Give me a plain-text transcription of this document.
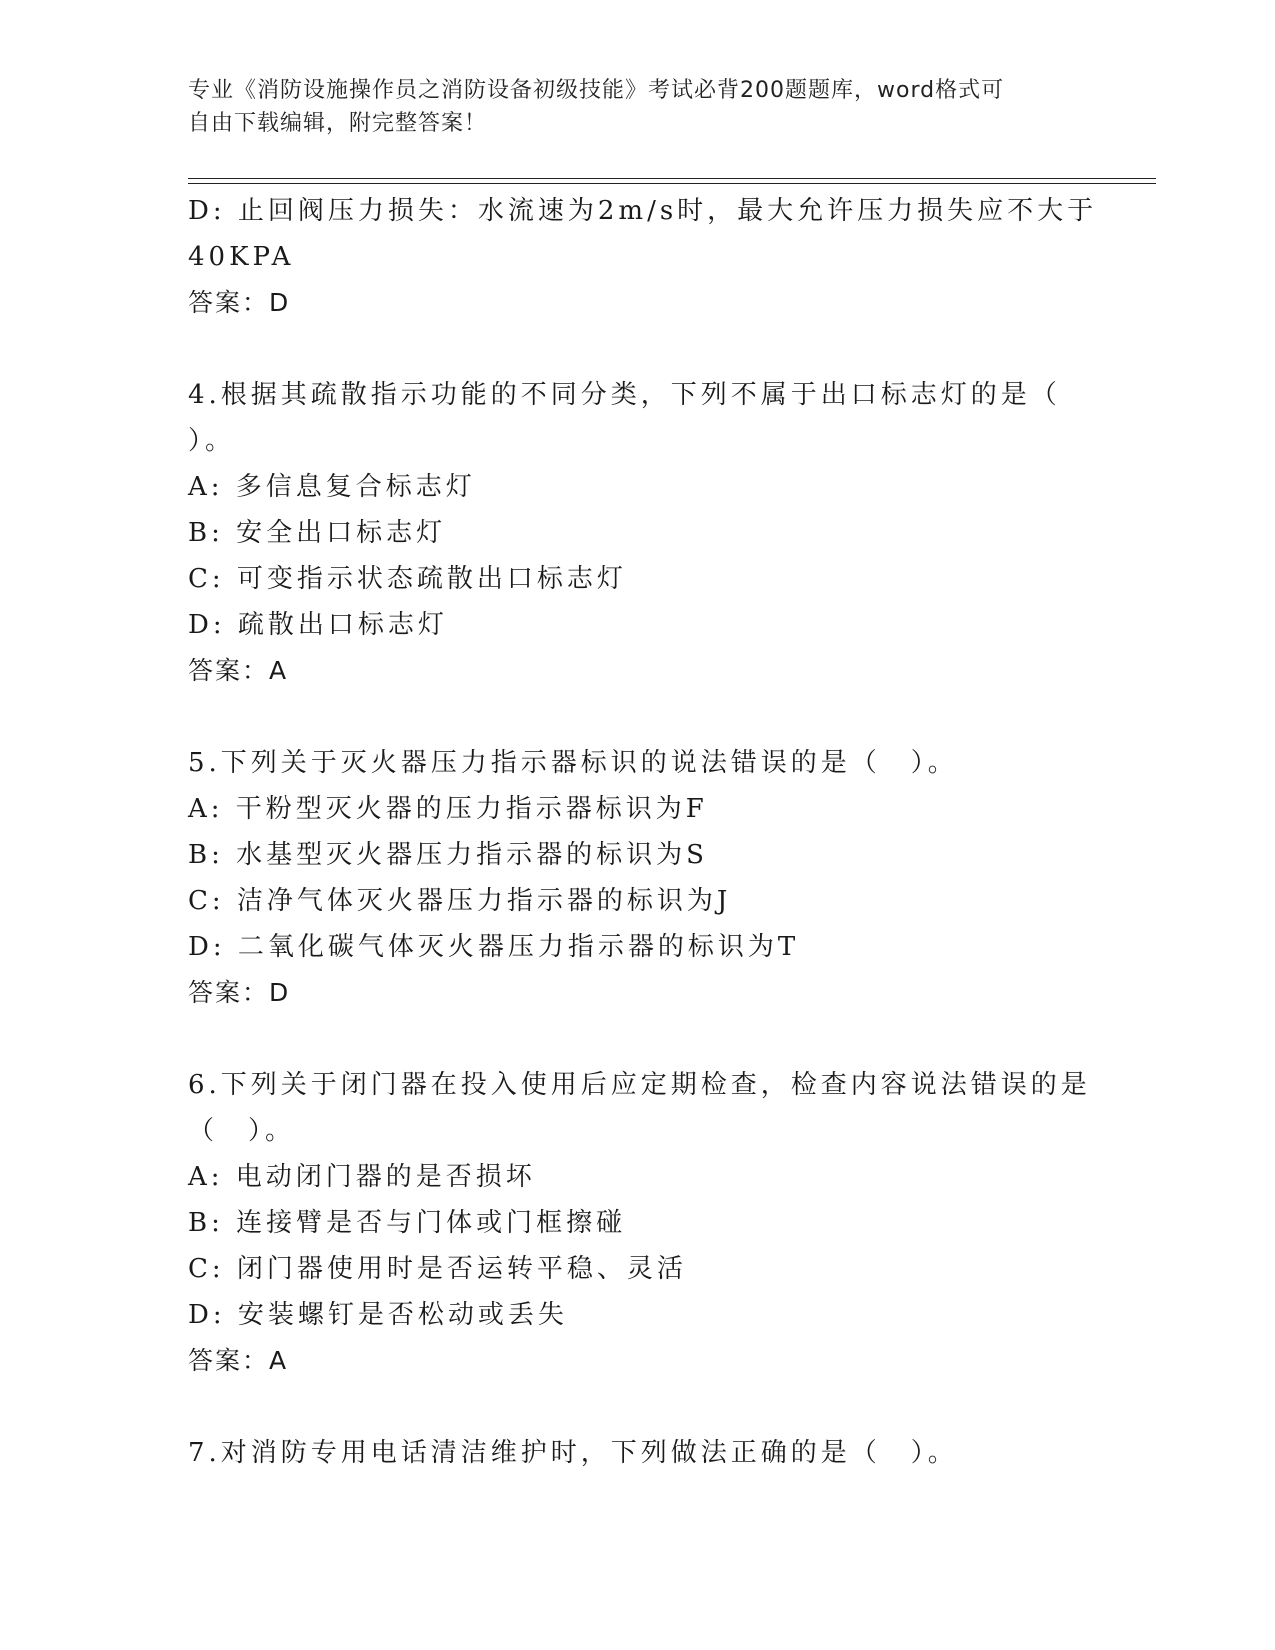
专业《消防设施操作员之消防设备初级技能》考试必背200题题库，word格式可
自由下载编辑，附完整答案！
D: 止回阀压力损失：水流速为2m/s时，最大允许压力损失应不大于
40KPA
答案：D
4.根据其疏散指示功能的不同分类，下列不属于出口标志灯的是（
）。
A: 多信息复合标志灯
B: 安全出口标志灯
C: 可变指示状态疏散出口标志灯
D: 疏散出口标志灯
答案：A
5.下列关于灭火器压力指示器标识的说法错误的是（　）。
A: 干粉型灭火器的压力指示器标识为F
B: 水基型灭火器压力指示器的标识为S
C: 洁净气体灭火器压力指示器的标识为J
D: 二氧化碳气体灭火器压力指示器的标识为T
答案：D
6.下列关于闭门器在投入使用后应定期检查，检查内容说法错误的是
（　）。
A: 电动闭门器的是否损坏
B: 连接臂是否与门体或门框擦碰
C: 闭门器使用时是否运转平稳、灵活
D: 安装螺钉是否松动或丢失
答案：A
7.对消防专用电话清洁维护时，下列做法正确的是（　）。
